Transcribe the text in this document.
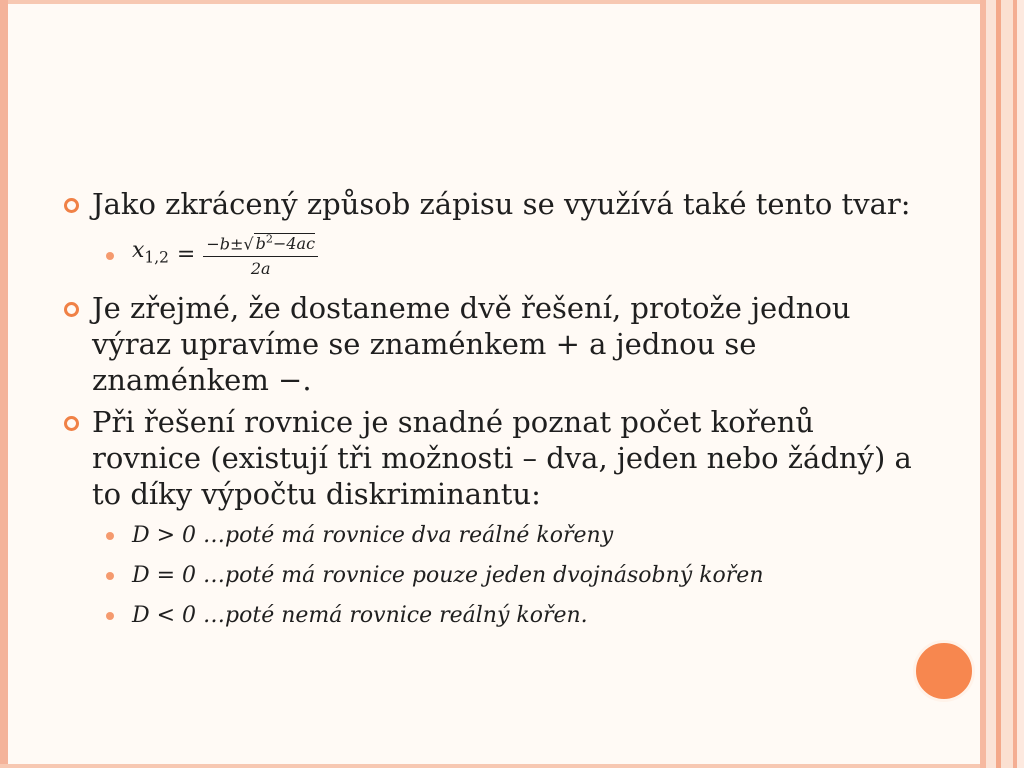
Jako zkrácený způsob zápisu se využívá také tento tvar:
$x_{1,2} = \frac{-b\pm√ b^2-4ac}{2a}$
Je zřejmé, že dostaneme dvě řešení, protože jednou výraz upravíme se znaménkem + a jednou se znaménkem −.
Při řešení rovnice je snadné poznat počet kořenů rovnice (existují tři možnosti – dva, jeden nebo žádný) a to díky výpočtu diskriminantu:
D > 0 …poté má rovnice dva reálné kořeny
D = 0 …poté má rovnice pouze jeden dvojnásobný kořen
D < 0 …poté nemá rovnice reálný kořen.
